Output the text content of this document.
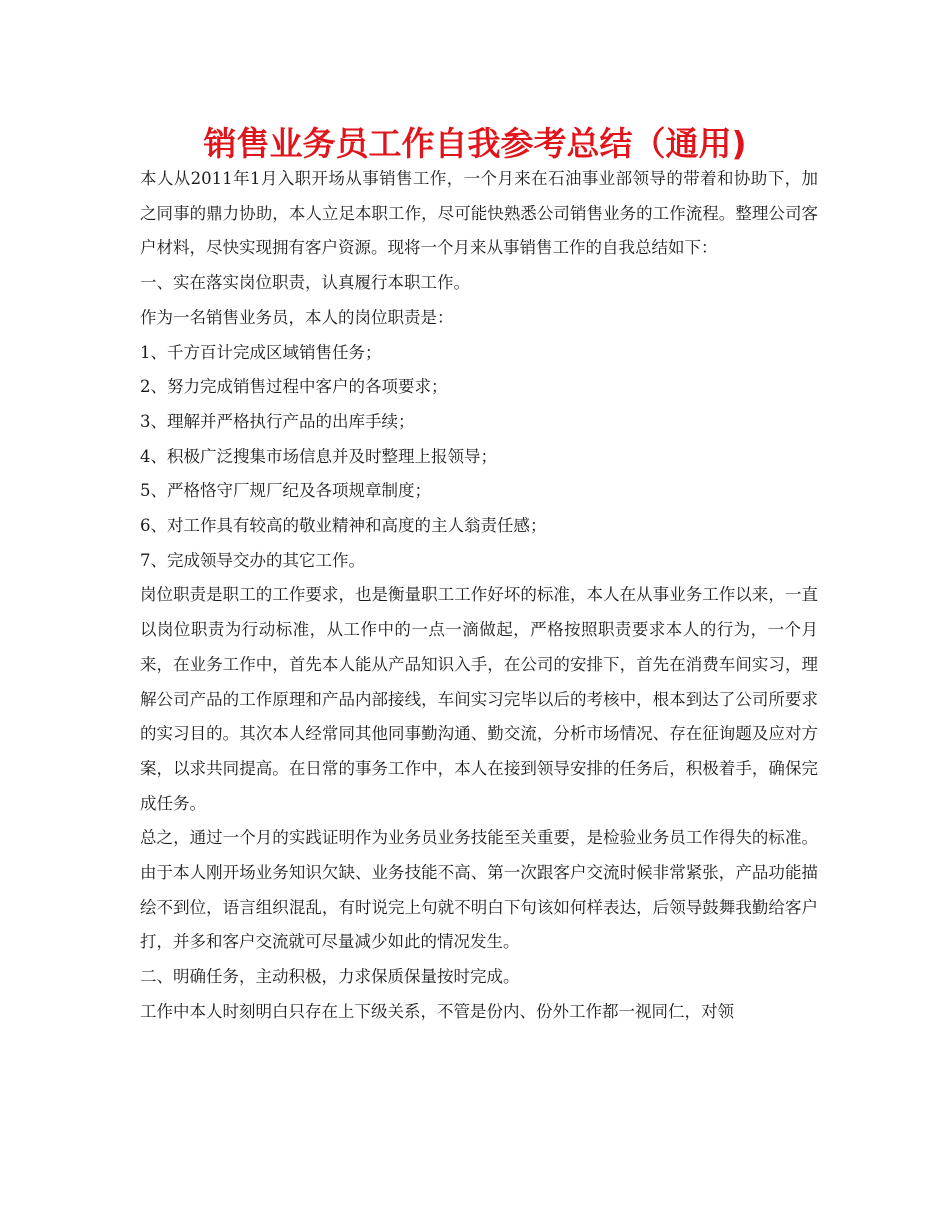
销售业务员工作自我参考总结（通用)

本人从2011年1月入职开场从事销售工作，一个月来在石油事业部领导的带着和协助下，加之同事的鼎力协助，本人立足本职工作，尽可能快熟悉公司销售业务的工作流程。整理公司客户材料，尽快实现拥有客户资源。现将一个月来从事销售工作的自我总结如下：

一、实在落实岗位职责，认真履行本职工作。

作为一名销售业务员，本人的岗位职责是：

1、千方百计完成区域销售任务；

2、努力完成销售过程中客户的各项要求；

3、理解并严格执行产品的出库手续；

4、积极广泛搜集市场信息并及时整理上报领导；

5、严格恪守厂规厂纪及各项规章制度；

6、对工作具有较高的敬业精神和高度的主人翁责任感；

7、完成领导交办的其它工作。

岗位职责是职工的工作要求，也是衡量职工工作好坏的标准，本人在从事业务工作以来，一直以岗位职责为行动标准，从工作中的一点一滴做起，严格按照职责要求本人的行为，一个月来，在业务工作中，首先本人能从产品知识入手，在公司的安排下，首先在消费车间实习，理解公司产品的工作原理和产品内部接线，车间实习完毕以后的考核中，根本到达了公司所要求的实习目的。其次本人经常同其他同事勤沟通、勤交流，分析市场情况、存在征询题及应对方案，以求共同提高。在日常的事务工作中，本人在接到领导安排的任务后，积极着手，确保完成任务。

总之，通过一个月的实践证明作为业务员业务技能至关重要，是检验业务员工作得失的标准。由于本人刚开场业务知识欠缺、业务技能不高、第一次跟客户交流时候非常紧张，产品功能描绘不到位，语言组织混乱，有时说完上句就不明白下句该如何样表达，后领导鼓舞我勤给客户打，并多和客户交流就可尽量减少如此的情况发生。

二、明确任务，主动积极，力求保质保量按时完成。

工作中本人时刻明白只存在上下级关系，不管是份内、份外工作都一视同仁，对领
